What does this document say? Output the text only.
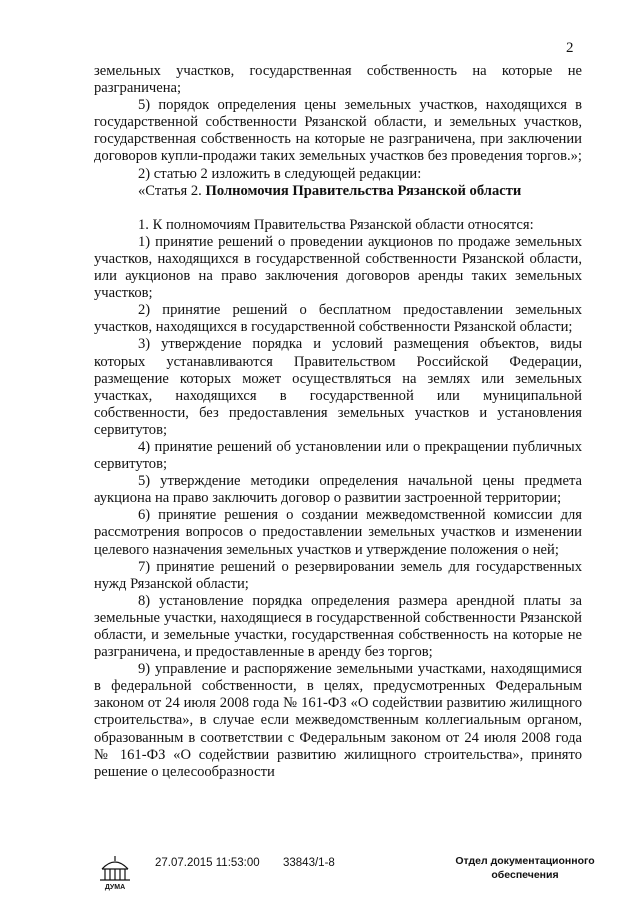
2

земельных участков, государственная собственность на которые не разграничена;

5) порядок определения цены земельных участков, находящихся в государственной собственности Рязанской области, и земельных участков, государственная собственность на которые не разграничена, при заключении договоров купли-продажи таких земельных участков без проведения торгов.»;

2) статью 2 изложить в следующей редакции:

«Статья 2. Полномочия Правительства Рязанской области

1. К полномочиям Правительства Рязанской области относятся:

1) принятие решений о проведении аукционов по продаже земельных участков, находящихся в государственной собственности Рязанской области, или аукционов на право заключения договоров аренды таких земельных участков;

2) принятие решений о бесплатном предоставлении земельных участков, находящихся в государственной собственности Рязанской области;

3) утверждение порядка и условий размещения объектов, виды которых устанавливаются Правительством Российской Федерации, размещение которых может осуществляться на землях или земельных участках, находящихся в государственной или муниципальной собственности, без предоставления земельных участков и установления сервитутов;

4) принятие решений об установлении или о прекращении публичных сервитутов;

5) утверждение методики определения начальной цены предмета аукциона на право заключить договор о развитии застроенной территории;

6) принятие решения о создании межведомственной комиссии для рассмотрения вопросов о предоставлении земельных участков и изменении целевого назначения земельных участков и утверждение положения о ней;

7) принятие решений о резервировании земель для государственных нужд Рязанской области;

8) установление порядка определения размера арендной платы за земельные участки, находящиеся в государственной собственности Рязанской области, и земельные участки, государственная собственность на которые не разграничена, и предоставленные в аренду без торгов;

9) управление и распоряжение земельными участками, находящимися в федеральной собственности, в целях, предусмотренных Федеральным законом от 24 июля 2008 года № 161-ФЗ «О содействии развитию жилищного строительства», в случае если межведомственным коллегиальным органом, образованным в соответствии с Федеральным законом от 24 июля 2008 года № 161-ФЗ «О содействии развитию жилищного строительства», принято решение о целесообразности

ДУМА
27.07.2015 11:53:00 33843/1-8	Отдел документационного
обеспечения
